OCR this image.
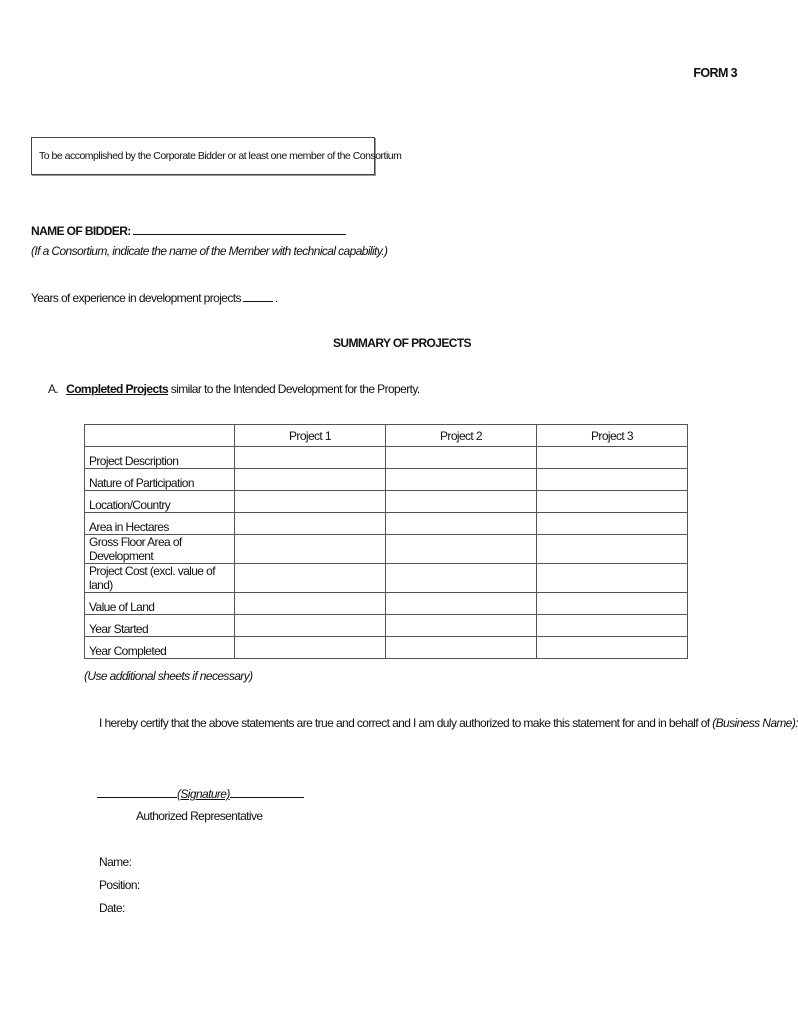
FORM 3
To be accomplished by the Corporate Bidder or at least one member of the Consortium
NAME OF BIDDER:
(If a Consortium, indicate the name of the Member with technical capability.)
Years of experience in development projects	.
SUMMARY OF PROJECTS
A. Completed Projects similar to the Intended Development for the Property.
	Project 1	Project 2	Project 3
Project Description			
Nature of Participation			
Location/Country			
Area in Hectares			
Gross Floor Area of Development			
Project Cost (excl. value of land)			
Value of Land			
Year Started			
Year Completed			
(Use additional sheets if necessary)
I hereby certify that the above statements are true and correct and I am duly authorized to make this statement for and in behalf of (Business Name):
(Signature)
Authorized Representative
Name:
Position:
Date:
